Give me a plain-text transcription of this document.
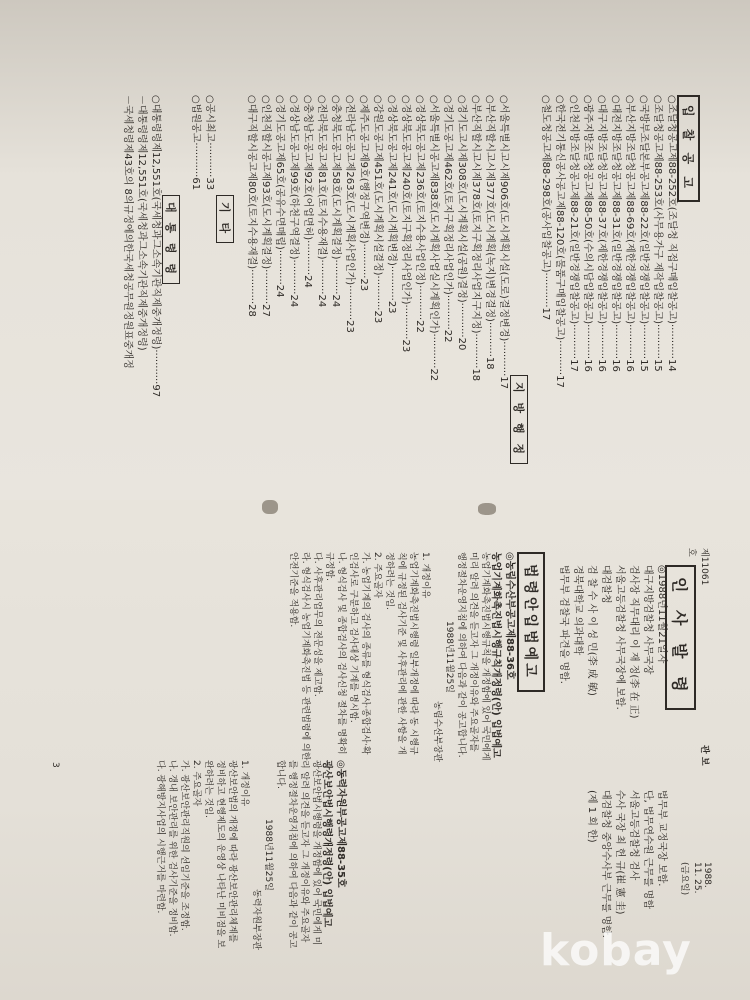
입 찰 공 고
○조달청공고제88-252호(조달청 직접구매입찰공고)···········14
○조달청공고제88-253호(사무용가구 제작입찰공고)···········15
○국방부조달본부공고제88-22호(일반경쟁입찰공고)···········15
○부산지방조달청공고제88-69호(제한경쟁입찰공고)···········16
○대전지방조달청공고제88-31호(일반경쟁입찰공고)···········16
○대구지방조달청공고제88-37호(제한경쟁입찰공고)···········16
○광주지방조달청공고제88-50호(수의시담입찰공고)···········16
○인천지방조달청공고제88-21호(일반경쟁입찰공고)···········17
○한국전기통신공사공고제88-120호(물품구매입찰공고)···········17
○철도청공고제88-298호(공사입찰공고)···········17
지 방 행 정
○서울특별시고시제906호(도시계획시설(도로)결정변경)···········17
○부산직할시고시제377호(도시계획(녹지)변경결정)···········18
○부산직할시고시제378호(토지구획정리사업지구지정)···········18
○경기도고시제308호(도시계획시설(공원)결정)···········20
○경기도공고제462호(토지구획정리사업인가)···········22
○서울특별시공고제838호(도시계획사업실시계획인가)···········22
○경상북도공고제236호(토지수용사업인정)···········22
○경상북도공고제240호(토지구획정리사업인가)···········23
○경상북도공고제241호(도시계획변경)···········23
○강원도공고제451호(도시계획시설결정)···········23
○제주도공고제9호(행정구역변경)···········23
○전라남도공고제263호(도시계획사업인가)···········23
○충청북도공고제58호(도시계획결정)···········24
○전라북도공고제81호(토지수용재결)···········24
○충청남도공고제92호(어업면허)···········24
○경상남도공고제99호(하천구역결정)···········24
○경기도공고제65호(공유수면매립)···········24
○인천직할시공고제93호(도시계획결정)···········27
○대구직할시공고제80호(토지수용재결)···········28
기 타
○공시최고···········33
○법원공고···········61
대 통 령 령
○대통령령제12,551호(국세청과그소속기관직제중개정령)···········97
－대통령령제12,551호(국세청과그소속기관직제중개정령)
－국세청령제43호의 8의규정에의한국세청공무원정원표중개정
제11061호
관 보
1988. 11. 25. (금요일)
3
인 사 발 령
◎1988년11월21일자
대구지방검찰청 사무국장
검사장 직무대리 이 재 정(李 在 正)
서울고등검찰청 사무국장에 보함.
대검찰청
검 찰 수 사 이 성 민(李 成 敏)
경북대학교 의과대학
법무부 검찰국 파견을 명함.
법무부 교정국장 보함.
단, 법무연수원 근무를 명함
서울고등검찰청 검사
수사 국장 최 헌 규(崔 憲 圭)
대검찰청 중앙수사부 근무를 명함.
(제 1 회 한)
법령안입법예고
◎농림수산부공고제88-36호
농업기계화촉진법시행규칙개정령(안) 입법예고
농업기계화촉진법시행규칙을 개정함에 있어 국민에게 미리 알려 의견을 듣고자 그 개정이유와 주요골자를 행정절차운영지침에 의하여 다음과 같이 공고합니다.
1988년11월25일
농림수산부장관
1. 개정이유
농업기계화촉진법시행령 일부개정에 따라 동 시행규칙에 규정된 검사기준 및 사후관리에 관한 사항을 개정하려는 것임.
2. 주요골자
가. 농업기계의 검사의 종류를 형식검사·종합검사·확인검사로 구분하고 검사대상 기계를 명시함.
나. 형식검사 및 종합검사의 검사신청 절차를 명확히 규정함.
다. 사후관리업무의 전문성을 제고함.
라. 형식검사시 농업기계화촉진법 등 관련법령에 의한 안전기준을 적용함.
◎동력자원부공고제88-35호
광산보안법시행령개정령(안) 입법예고
광산보안법시행령을 개정함에 있어 국민에게 미리 알려 의견을 듣고자 그 개정이유와 주요골자를 행정절차운영지침에 의하여 다음과 같이 공고합니다.
1988년11월25일
동력자원부장관
1. 개정이유
광산보안법의 개정에 따라 광산보안관리체계를 정비하고 현행제도의 운영상 나타난 미비점을 보완하려는 것임.
2. 주요골자
가. 광산보안관리직원의 선임기준을 조정함.
나. 갱내 보안관리를 위한 검사기준을 정비함.
다. 광해방지사업의 시행근거를 마련함.
kobay
